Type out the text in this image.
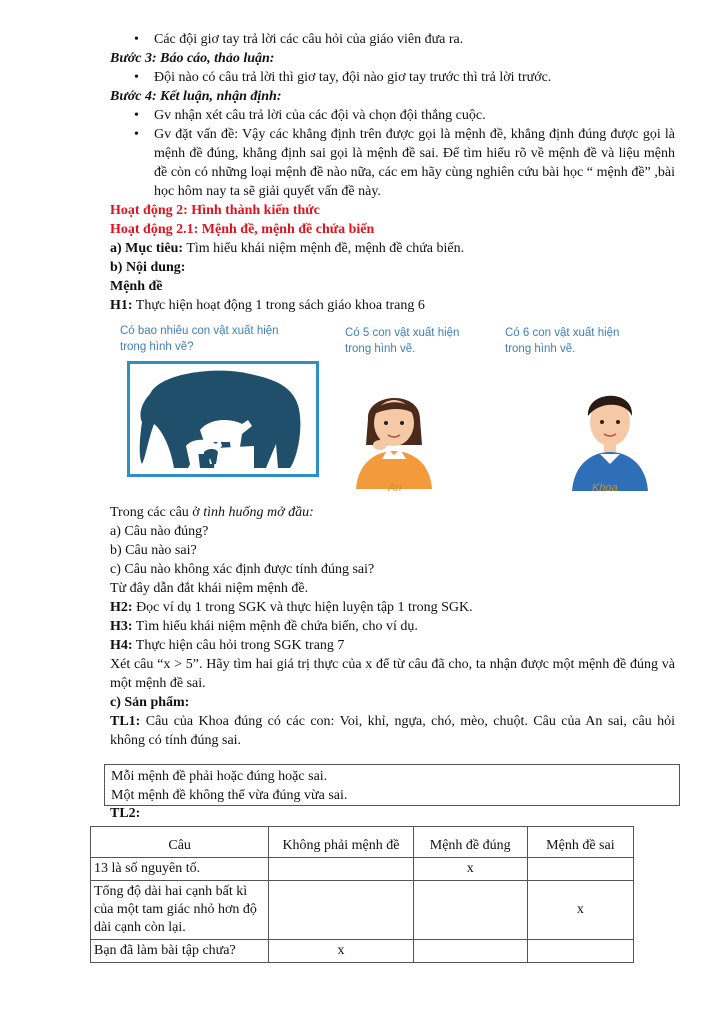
• Các đội giơ tay trả lời các câu hỏi của giáo viên đưa ra.
Bước 3: Báo cáo, thảo luận:
• Đội nào có câu trả lời thì giơ tay, đội nào giơ tay trước thì trả lời trước.
Bước 4: Kết luận, nhận định:
• Gv nhận xét câu trả lời của các đội và chọn đội thắng cuộc.
• Gv đặt vấn đề: Vậy các khẳng định trên được gọi là mệnh đề, khẳng định đúng được gọi là mệnh đề đúng, khẳng định sai gọi là mệnh đề sai. Để tìm hiểu rõ về mệnh đề và liệu mệnh đề còn có những loại mệnh đề nào nữa, các em hãy cùng nghiên cứu bài học “ mệnh đề” ,bài học hôm nay ta sẽ giải quyết vấn đề này.
Hoạt động 2: Hình thành kiến thức
Hoạt động 2.1: Mệnh đề, mệnh đề chứa biến
a) Mục tiêu: Tìm hiểu khái niệm mệnh đề, mệnh đề chứa biến.
b) Nội dung:
Mệnh đề
H1: Thực hiện hoạt động 1 trong sách giáo khoa trang 6
Có bao nhiêu con vật xuất hiện trong hình vẽ?
Có 5 con vật xuất hiện trong hình vẽ.
An
Có 6 con vật xuất hiện trong hình vẽ.
Khoa
Trong các câu ở tình huống mở đầu:
a) Câu nào đúng?
b) Câu nào sai?
c) Câu nào không xác định được tính đúng sai?
Từ đây dẫn đắt khái niệm mệnh đề.
H2: Đọc ví dụ 1 trong SGK và thực hiện luyện tập 1 trong SGK.
H3: Tìm hiểu khái niệm mệnh đề chứa biến, cho ví dụ.
H4: Thực hiện câu hỏi trong SGK trang 7
Xét câu “x > 5”. Hãy tìm hai giá trị thực của x để từ câu đã cho, ta nhận được một mệnh đề đúng và một mệnh đề sai.
c) Sản phẩm:
TL1: Câu của Khoa đúng có các con: Voi, khỉ, ngựa, chó, mèo, chuột. Câu của An sai, câu hỏi không có tính đúng sai.
Mỗi mệnh đề phải hoặc đúng hoặc sai.
Một mệnh đề không thể vừa đúng vừa sai.
TL2:
Câu	Không phải mệnh đề	Mệnh đề đúng	Mệnh đề sai
13 là số nguyên tố.		x	
Tổng độ dài hai cạnh bất kì của một tam giác nhỏ hơn độ dài cạnh còn lại.			x
Bạn đã làm bài tập chưa?	x		
